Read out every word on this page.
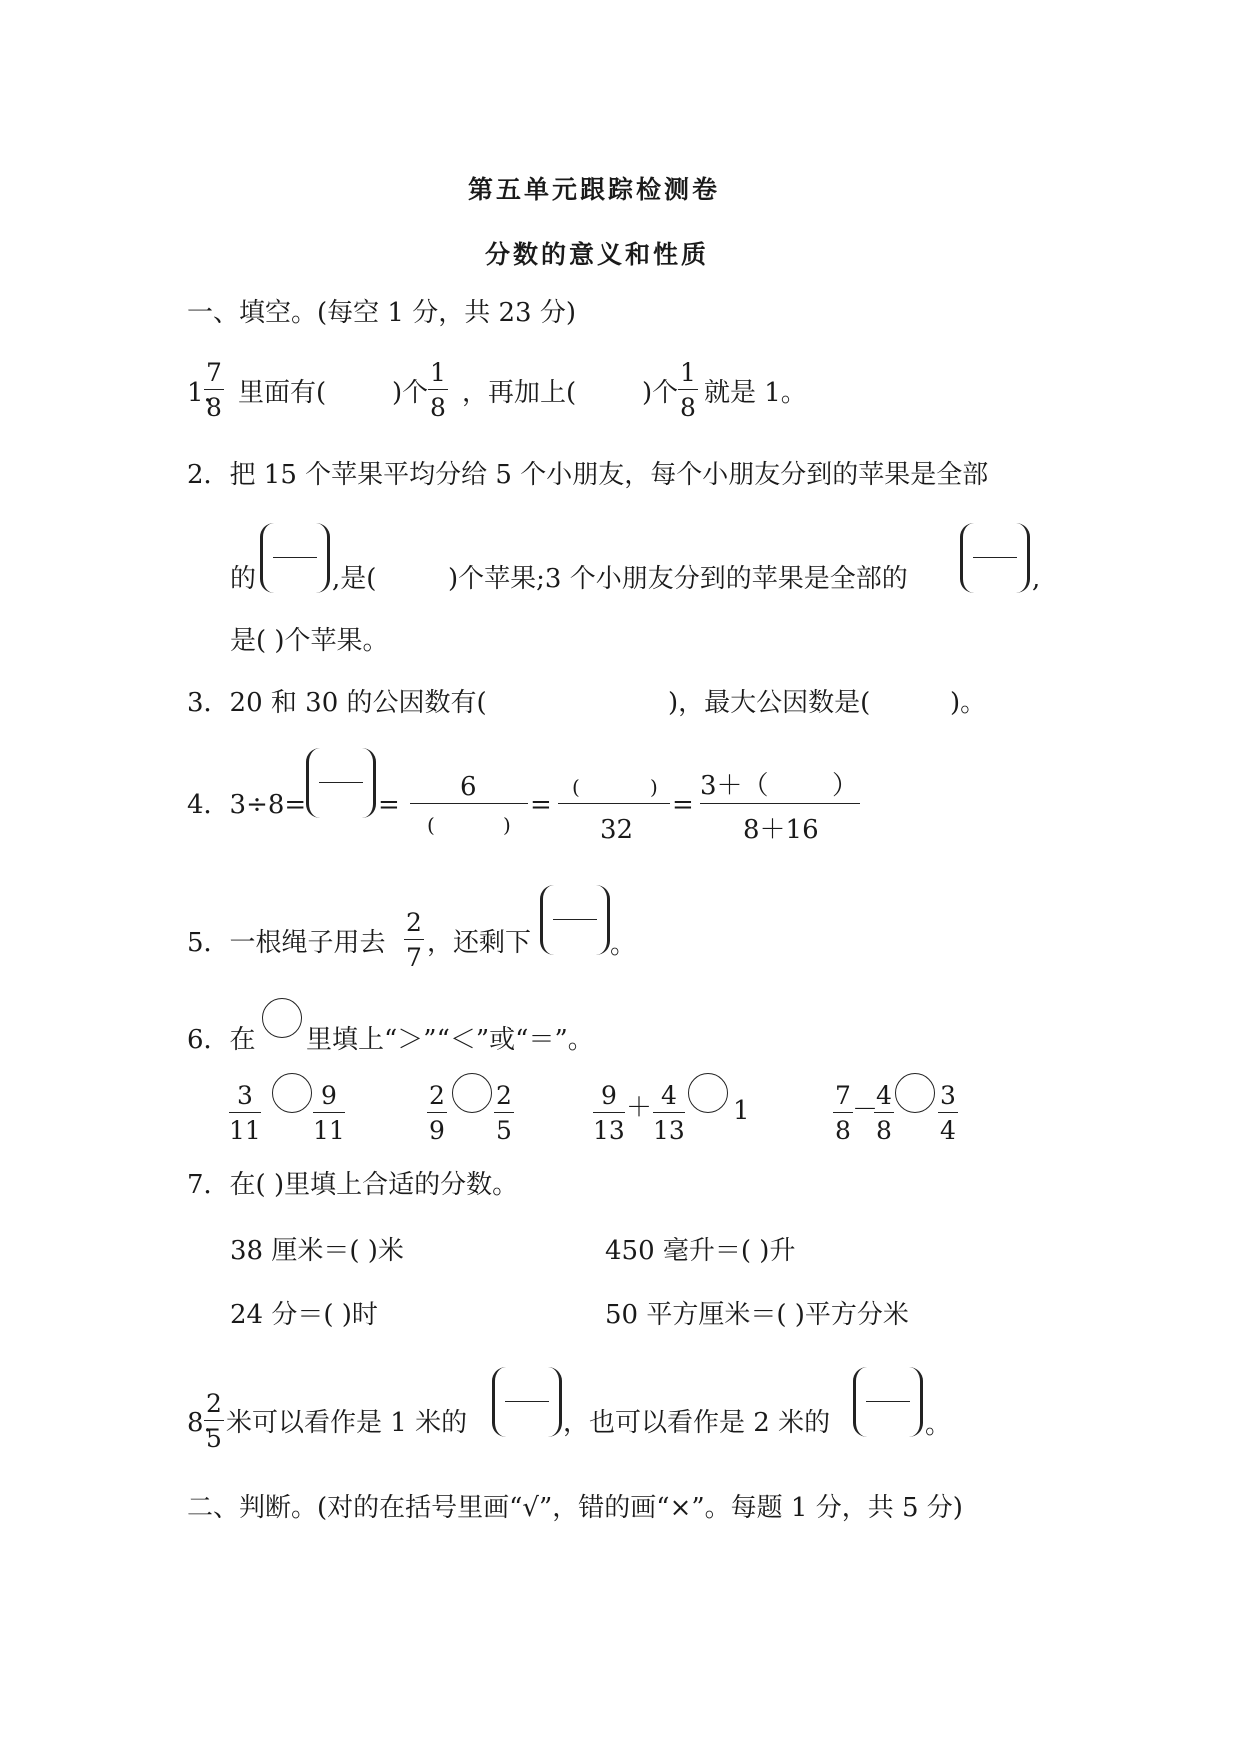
第五单元跟踪检测卷
分数的意义和性质
一、填空。(每空 1 分，共 23 分)
1.
$\frac{7}{8}$ 里面有(	)个 $\frac{1}{8}$ ，再加上(	)个 $\frac{1}{8}$ 就是 1。
2．把 15 个苹果平均分给 5 个小朋友，每个小朋友分到的苹果是全部
的	,是(	)个苹果;3 个小朋友分到的苹果是全部的	,
是( )个苹果。
3．20 和 30 的公因数有(	)，最大公因数是(	)。
4．3÷8=	=
6
(	)
=
(	)
32
=
3＋（ ）
8＋16
5．一根绳子用去 $\frac{2}{7}$ ，还剩下	。
6．在 里填上“＞”“＜”或“＝”。
$\frac{3}{11} \frac{9}{11}$	$\frac{2}{9} \frac{2}{5}$	$\frac{9}{13} + \frac{4}{13} 1$	$\frac{7}{8}$ －
$\frac{4}{8} \frac{3}{4}$
7．在( )里填上合适的分数。
38 厘米＝( )米	450 毫升＝( )升
24 分＝( )时	50 平方厘米＝( )平方分米
8.
$\frac{2}{5}$ 米可以看作是 1 米的	，也可以看作是 2 米的	。
二、判断。(对的在括号里画“√”，错的画“×”。每题 1 分，共 5 分)
